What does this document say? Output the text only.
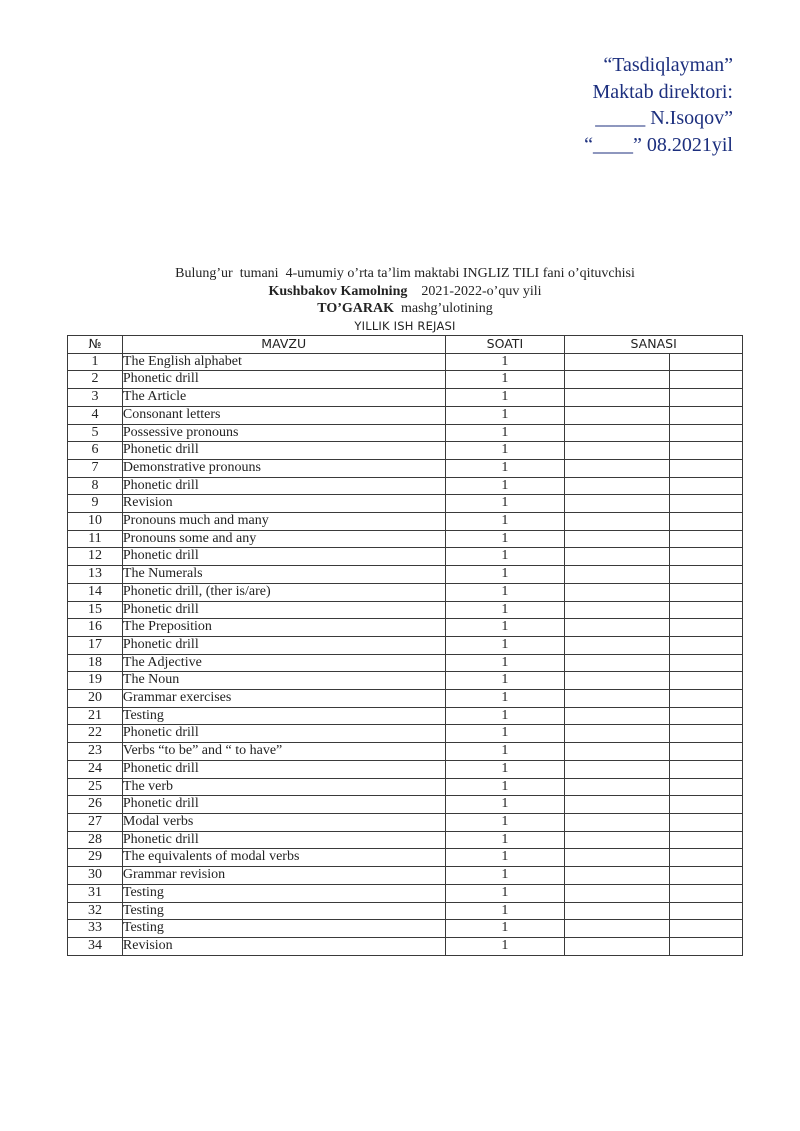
“Tasdiqlayman”
Maktab direktori:
_____ N.Isoqov”
“____” 08.2021yil
Bulung’ur  tumani  4-umumiy o’rta ta’lim maktabi INGLIZ TILI fani o’qituvchisi
Kushbakov Kamolning 2021-2022-o’quv yili
TO’GARAK mashg’ulotining
YILLIK ISH REJASI
№	MAVZU	SOATI	SANASI	
1	The English alphabet	1		
2	Phonetic drill	1		
3	The Article	1		
4	Consonant letters	1		
5	Possessive pronouns	1		
6	Phonetic drill	1		
7	Demonstrative pronouns	1		
8	Phonetic drill	1		
9	Revision	1		
10	Pronouns much and many	1		
11	Pronouns some and any	1		
12	Phonetic drill	1		
13	The Numerals	1		
14	Phonetic drill, (ther is/are)	1		
15	Phonetic drill	1		
16	The Preposition	1		
17	Phonetic drill	1		
18	The Adjective	1		
19	The Noun	1		
20	Grammar exercises	1		
21	Testing	1		
22	Phonetic drill	1		
23	Verbs “to be” and “ to have”	1		
24	Phonetic drill	1		
25	The verb	1		
26	Phonetic drill	1		
27	Modal verbs	1		
28	Phonetic drill	1		
29	The equivalents of modal verbs	1		
30	Grammar revision	1		
31	Testing	1		
32	Testing	1		
33	Testing	1		
34	Revision	1		
